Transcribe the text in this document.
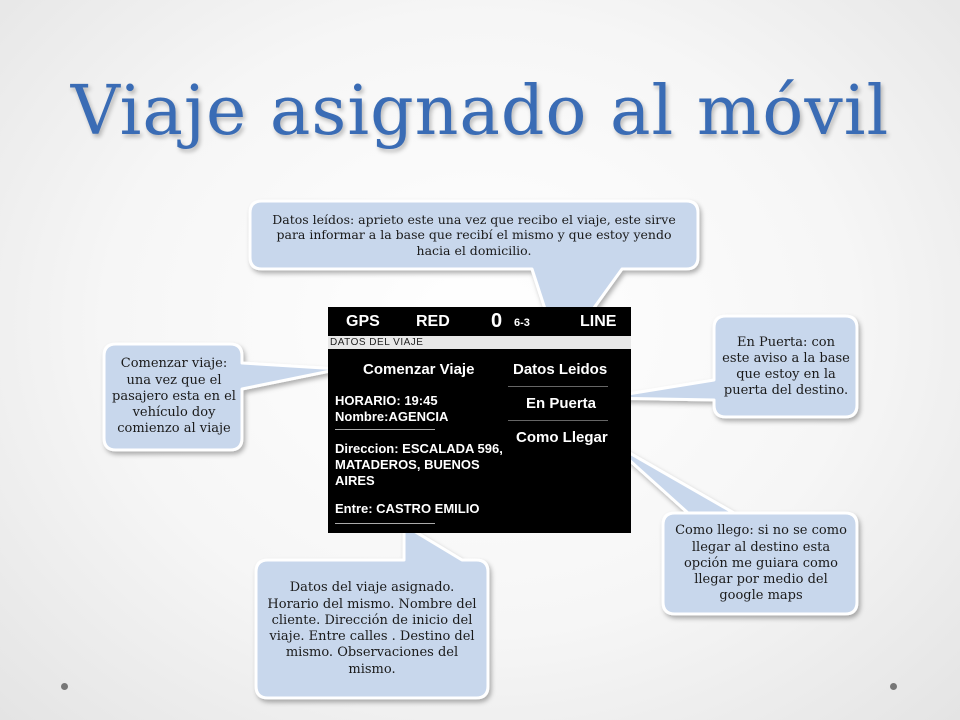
Viaje asignado al móvil
Datos leídos: aprieto este una vez que recibo el viaje, este sirve para informar a la base que recibí el mismo y que estoy yendo hacia el domicilio.
Comenzar viaje: una vez que el pasajero esta en el vehículo doy comienzo al viaje
En Puerta: con este aviso a la base que estoy en la puerta del destino.
Como llego: si no se como llegar al destino esta opción me guiara como llegar por medio del google maps
Datos del viaje asignado. Horario del mismo. Nombre del cliente. Dirección de inicio del viaje. Entre calles . Destino del mismo. Observaciones del mismo.
GPS RED 0 6-3	LINE
DATOS DEL VIAJE
Comenzar Viaje	Datos Leidos
En Puerta
Como Llegar
HORARIO: 19:45
Nombre:AGENCIA
Direccion: ESCALADA 596,
MATADEROS, BUENOS
AIRES
Entre: CASTRO EMILIO
